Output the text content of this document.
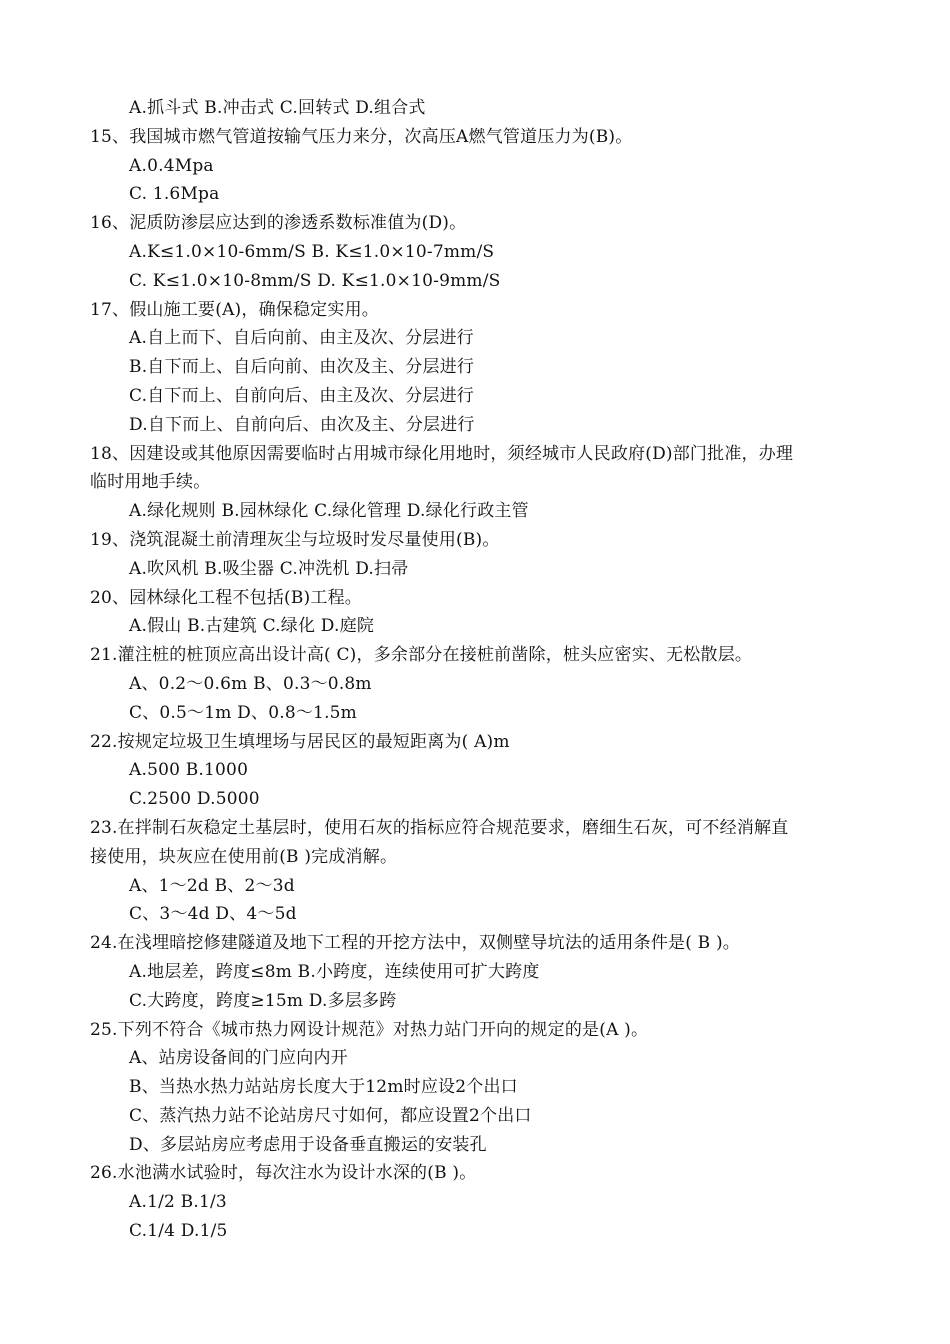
A.抓斗式 B.冲击式 C.回转式 D.组合式
15、我国城市燃气管道按输气压力来分，次高压A燃气管道压力为(B)。
A.0.4Mpa
C. 1.6Mpa
16、泥质防渗层应达到的渗透系数标准值为(D)。
A.K≤1.0×10-6mm/S B. K≤1.0×10-7mm/S
C. K≤1.0×10-8mm/S D. K≤1.0×10-9mm/S
17、假山施工要(A)，确保稳定实用。
A.自上而下、自后向前、由主及次、分层进行
B.自下而上、自后向前、由次及主、分层进行
C.自下而上、自前向后、由主及次、分层进行
D.自下而上、自前向后、由次及主、分层进行
18、因建设或其他原因需要临时占用城市绿化用地时，须经城市人民政府(D)部门批准，办理
临时用地手续。
A.绿化规则 B.园林绿化 C.绿化管理 D.绿化行政主管
19、浇筑混凝土前清理灰尘与垃圾时发尽量使用(B)。
A.吹风机 B.吸尘器 C.冲洗机 D.扫帚
20、园林绿化工程不包括(B)工程。
A.假山 B.古建筑 C.绿化 D.庭院
21.灌注桩的桩顶应高出设计高( C)，多余部分在接桩前凿除，桩头应密实、无松散层。
A、0.2～0.6m B、0.3～0.8m
C、0.5～1m D、0.8～1.5m
22.按规定垃圾卫生填埋场与居民区的最短距离为( A)m
A.500 B.1000
C.2500 D.5000
23.在拌制石灰稳定土基层时，使用石灰的指标应符合规范要求，磨细生石灰，可不经消解直
接使用，块灰应在使用前(B )完成消解。
A、1～2d B、2～3d
C、3～4d D、4～5d
24.在浅埋暗挖修建隧道及地下工程的开挖方法中，双侧壁导坑法的适用条件是( B )。
A.地层差，跨度≤8m B.小跨度，连续使用可扩大跨度
C.大跨度，跨度≥15m D.多层多跨
25.下列不符合《城市热力网设计规范》对热力站门开向的规定的是(A )。
A、站房设备间的门应向内开
B、当热水热力站站房长度大于12m时应设2个出口
C、蒸汽热力站不论站房尺寸如何，都应设置2个出口
D、多层站房应考虑用于设备垂直搬运的安装孔
26.水池满水试验时，每次注水为设计水深的(B )。
A.1/2 B.1/3
C.1/4 D.1/5
